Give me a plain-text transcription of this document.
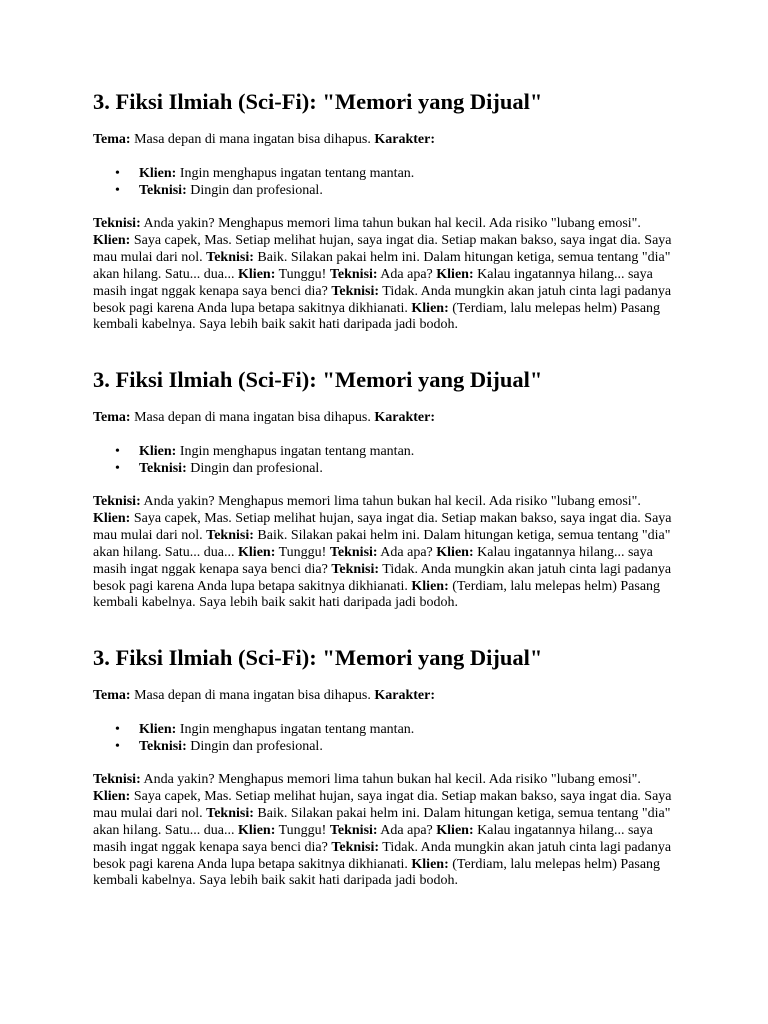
3. Fiksi Ilmiah (Sci-Fi): "Memori yang Dijual"

Tema: Masa depan di mana ingatan bisa dihapus. Karakter:

• Klien: Ingin menghapus ingatan tentang mantan.
• Teknisi: Dingin dan profesional.

Teknisi: Anda yakin? Menghapus memori lima tahun bukan hal kecil. Ada risiko "lubang emosi". Klien: Saya capek, Mas. Setiap melihat hujan, saya ingat dia. Setiap makan bakso, saya ingat dia. Saya mau mulai dari nol. Teknisi: Baik. Silakan pakai helm ini. Dalam hitungan ketiga, semua tentang "dia" akan hilang. Satu... dua... Klien: Tunggu! Teknisi: Ada apa? Klien: Kalau ingatannya hilang... saya masih ingat nggak kenapa saya benci dia? Teknisi: Tidak. Anda mungkin akan jatuh cinta lagi padanya besok pagi karena Anda lupa betapa sakitnya dikhianati. Klien: (Terdiam, lalu melepas helm) Pasang kembali kabelnya. Saya lebih baik sakit hati daripada jadi bodoh.

3. Fiksi Ilmiah (Sci-Fi): "Memori yang Dijual"

Tema: Masa depan di mana ingatan bisa dihapus. Karakter:

• Klien: Ingin menghapus ingatan tentang mantan.
• Teknisi: Dingin dan profesional.

Teknisi: Anda yakin? Menghapus memori lima tahun bukan hal kecil. Ada risiko "lubang emosi". Klien: Saya capek, Mas. Setiap melihat hujan, saya ingat dia. Setiap makan bakso, saya ingat dia. Saya mau mulai dari nol. Teknisi: Baik. Silakan pakai helm ini. Dalam hitungan ketiga, semua tentang "dia" akan hilang. Satu... dua... Klien: Tunggu! Teknisi: Ada apa? Klien: Kalau ingatannya hilang... saya masih ingat nggak kenapa saya benci dia? Teknisi: Tidak. Anda mungkin akan jatuh cinta lagi padanya besok pagi karena Anda lupa betapa sakitnya dikhianati. Klien: (Terdiam, lalu melepas helm) Pasang kembali kabelnya. Saya lebih baik sakit hati daripada jadi bodoh.

3. Fiksi Ilmiah (Sci-Fi): "Memori yang Dijual"

Tema: Masa depan di mana ingatan bisa dihapus. Karakter:

• Klien: Ingin menghapus ingatan tentang mantan.
• Teknisi: Dingin dan profesional.

Teknisi: Anda yakin? Menghapus memori lima tahun bukan hal kecil. Ada risiko "lubang emosi". Klien: Saya capek, Mas. Setiap melihat hujan, saya ingat dia. Setiap makan bakso, saya ingat dia. Saya mau mulai dari nol. Teknisi: Baik. Silakan pakai helm ini. Dalam hitungan ketiga, semua tentang "dia" akan hilang. Satu... dua... Klien: Tunggu! Teknisi: Ada apa? Klien: Kalau ingatannya hilang... saya masih ingat nggak kenapa saya benci dia? Teknisi: Tidak. Anda mungkin akan jatuh cinta lagi padanya besok pagi karena Anda lupa betapa sakitnya dikhianati. Klien: (Terdiam, lalu melepas helm) Pasang kembali kabelnya. Saya lebih baik sakit hati daripada jadi bodoh.
